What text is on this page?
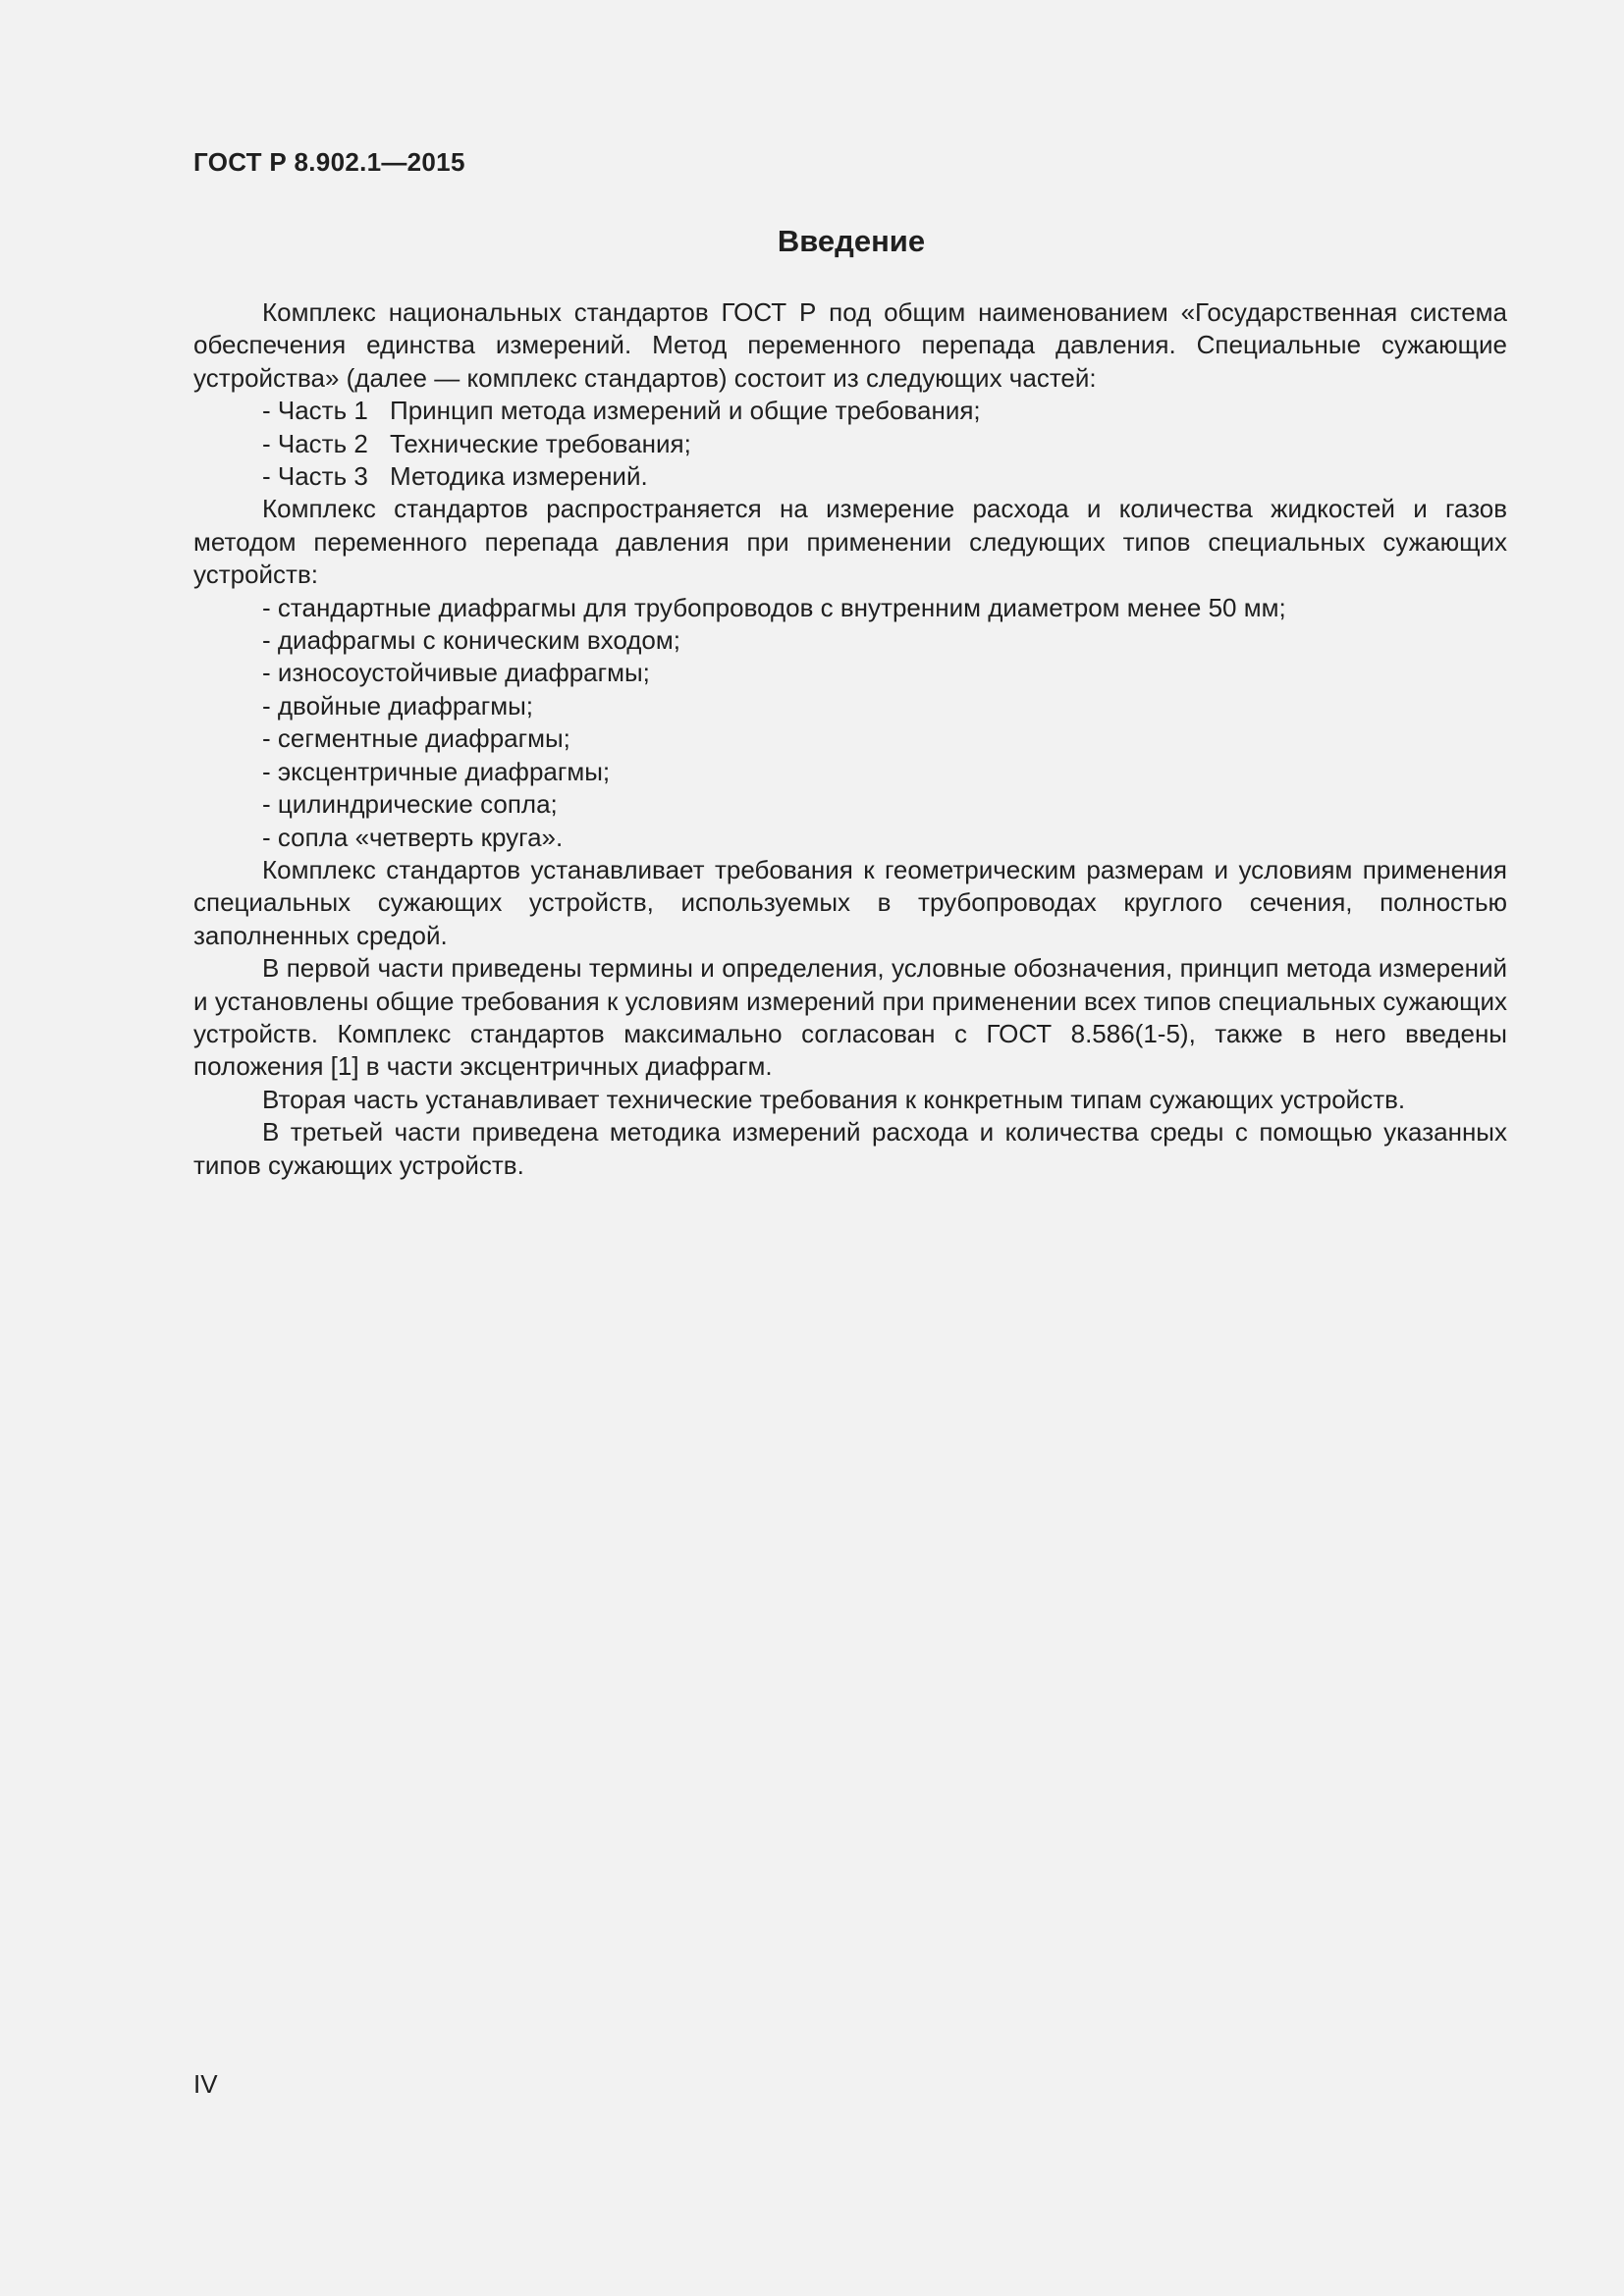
ГОСТ Р 8.902.1—2015
Введение

Комплекс национальных стандартов ГОСТ Р под общим наименованием «Государственная система обеспечения единства измерений. Метод переменного перепада давления. Специальные сужающие устройства» (далее — комплекс стандартов) состоит из следующих частей:

- Часть 1 Принцип метода измерений и общие требования;
- Часть 2 Технические требования;
- Часть 3 Методика измерений.

Комплекс стандартов распространяется на измерение расхода и количества жидкостей и газов методом переменного перепада давления при применении следующих типов специальных сужающих устройств:

- стандартные диафрагмы для трубопроводов с внутренним диаметром менее 50 мм;
- диафрагмы с коническим входом;
- износоустойчивые диафрагмы;
- двойные диафрагмы;
- сегментные диафрагмы;
- эксцентричные диафрагмы;
- цилиндрические сопла;
- сопла «четверть круга».

Комплекс стандартов устанавливает требования к геометрическим размерам и условиям применения специальных сужающих устройств, используемых в трубопроводах круглого сечения, полностью заполненных средой.

В первой части приведены термины и определения, условные обозначения, принцип метода измерений и установлены общие требования к условиям измерений при применении всех типов специальных сужающих устройств. Комплекс стандартов максимально согласован с ГОСТ 8.586(1-5), также в него введены положения [1] в части эксцентричных диафрагм.

Вторая часть устанавливает технические требования к конкретным типам сужающих устройств.

В третьей части приведена методика измерений расхода и количества среды с помощью указанных типов сужающих устройств.

IV
